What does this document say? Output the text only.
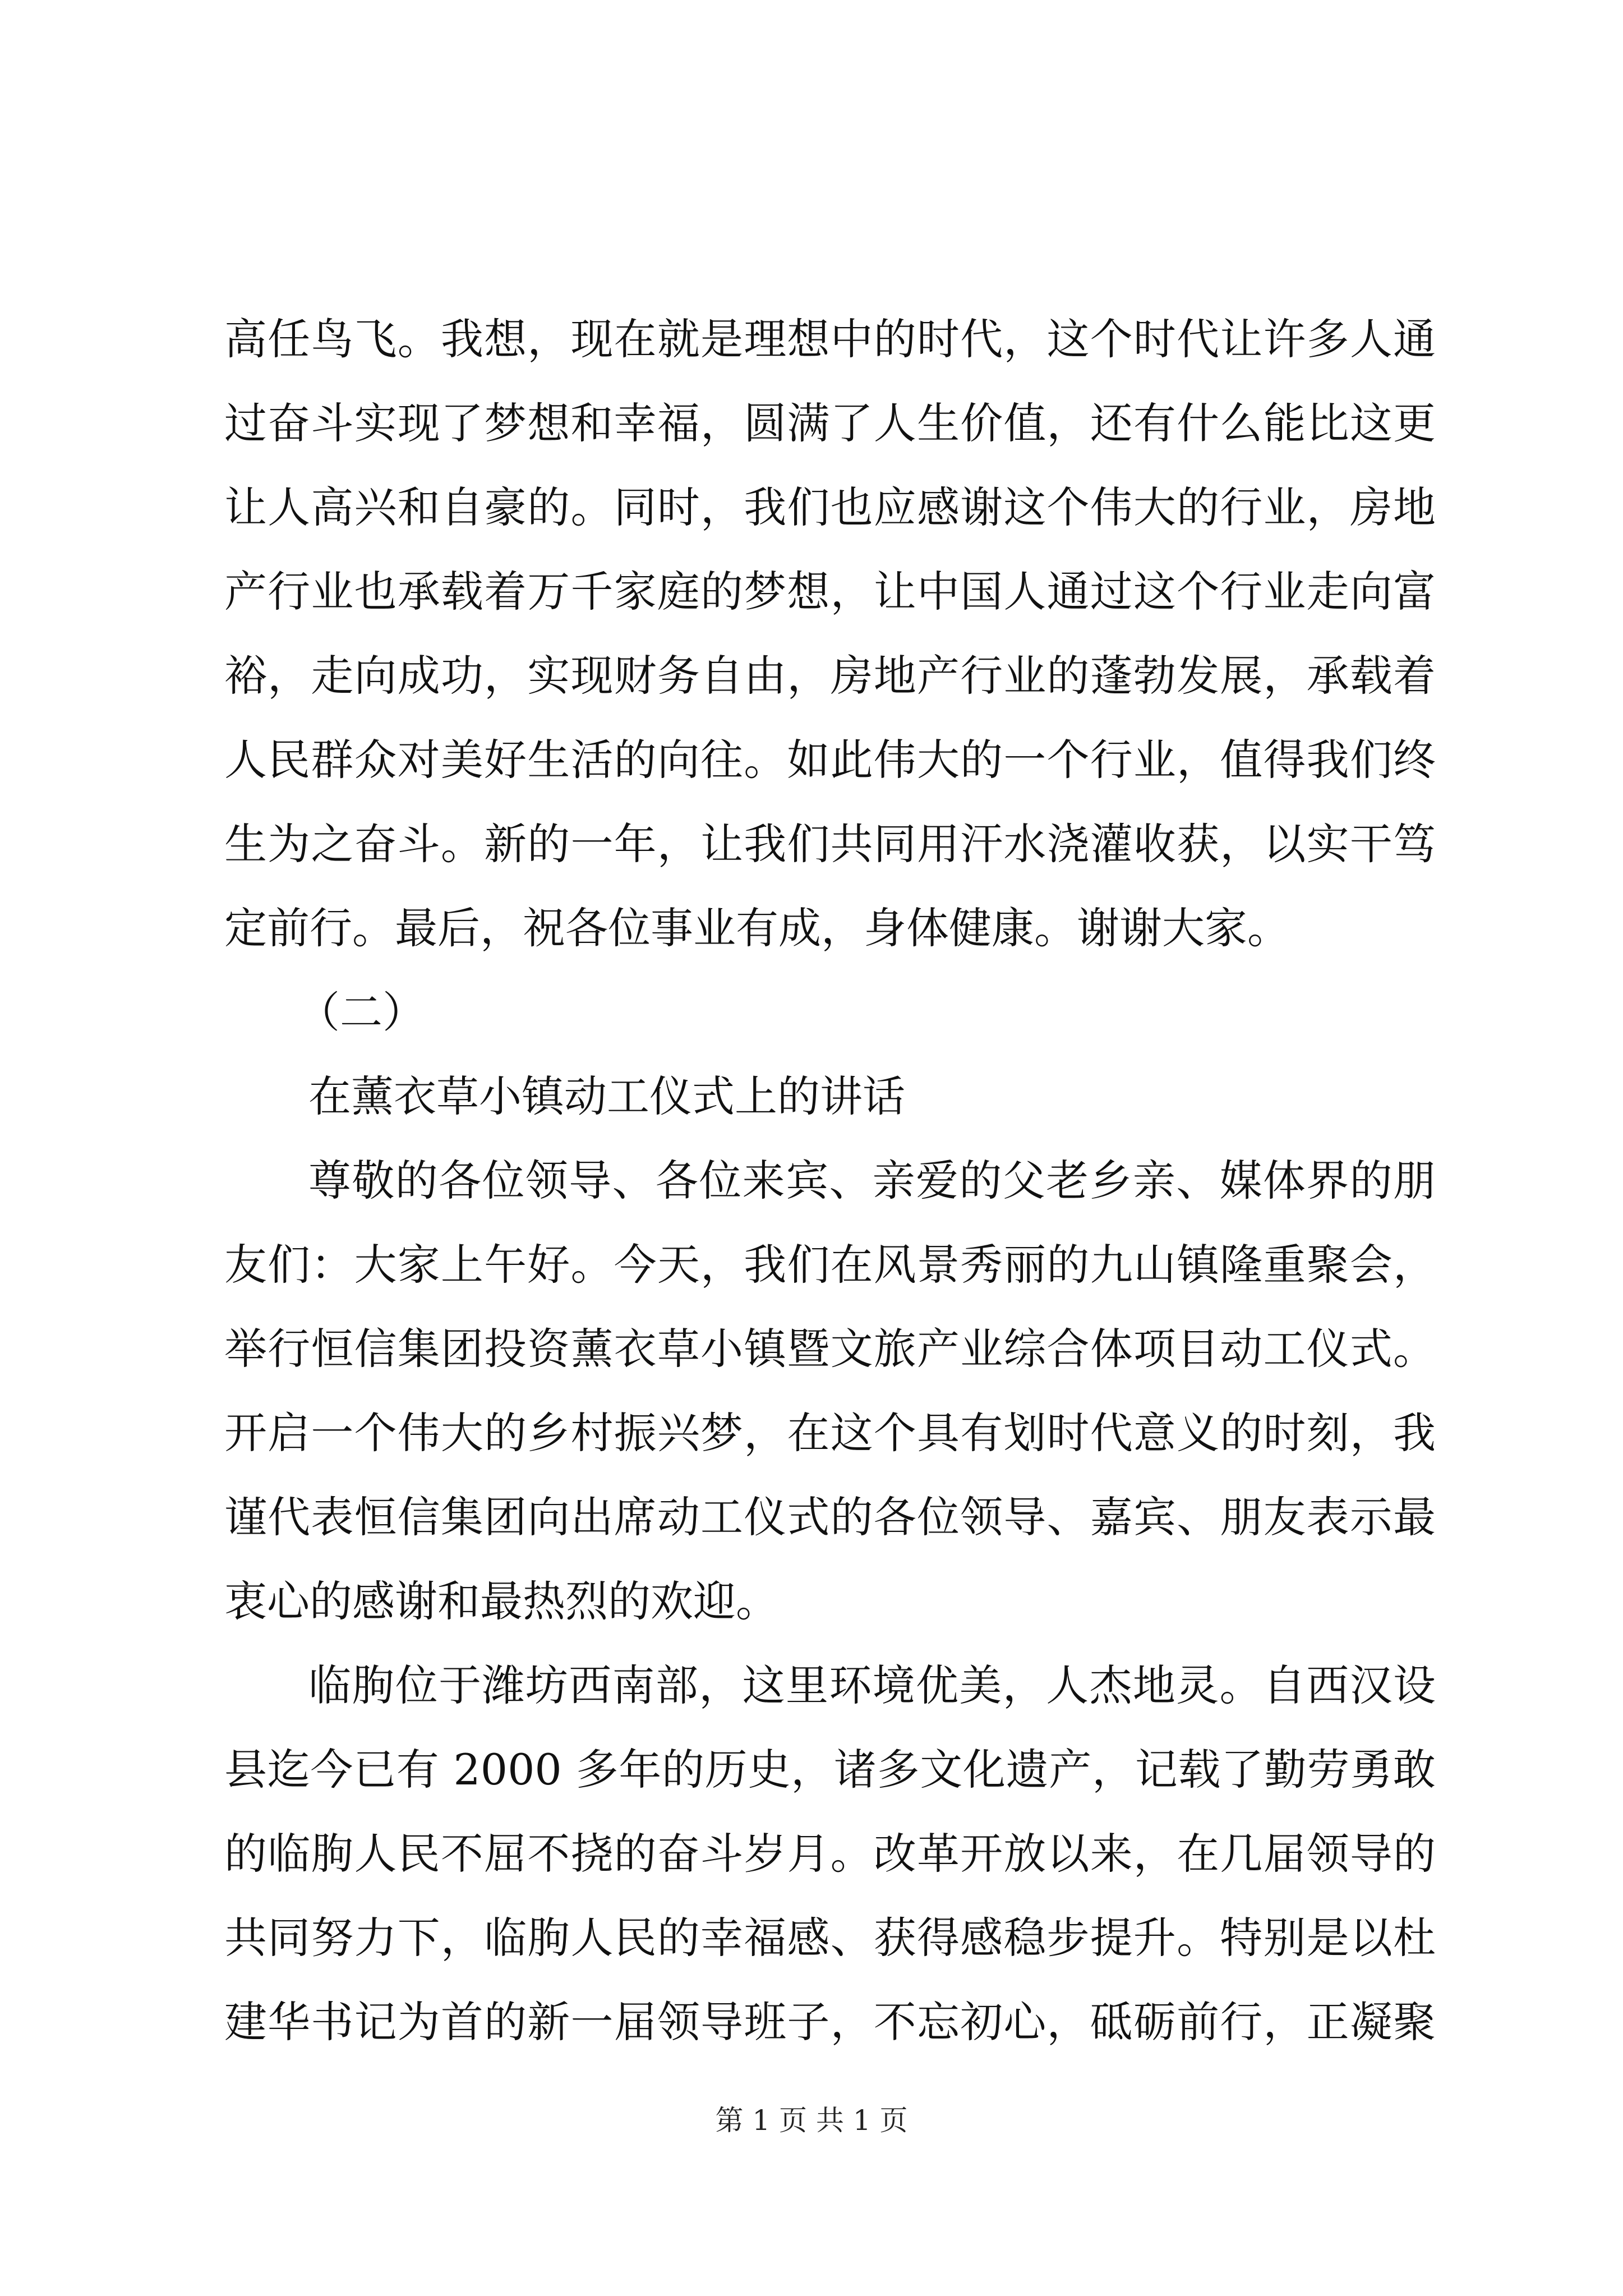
高任鸟飞。我想，现在就是理想中的时代，这个时代让许多人通
过奋斗实现了梦想和幸福，圆满了人生价值，还有什么能比这更
让人高兴和自豪的。同时，我们也应感谢这个伟大的行业，房地
产行业也承载着万千家庭的梦想，让中国人通过这个行业走向富
裕，走向成功，实现财务自由，房地产行业的蓬勃发展，承载着
人民群众对美好生活的向往。如此伟大的一个行业，值得我们终
生为之奋斗。新的一年，让我们共同用汗水浇灌收获，以实干笃
定前行。最后，祝各位事业有成，身体健康。谢谢大家。
（二）
在薰衣草小镇动工仪式上的讲话
尊敬的各位领导、各位来宾、亲爱的父老乡亲、媒体界的朋
友们：大家上午好。今天，我们在风景秀丽的九山镇隆重聚会，
举行恒信集团投资薰衣草小镇暨文旅产业综合体项目动工仪式。
开启一个伟大的乡村振兴梦，在这个具有划时代意义的时刻，我
谨代表恒信集团向出席动工仪式的各位领导、嘉宾、朋友表示最
衷心的感谢和最热烈的欢迎。
临朐位于潍坊西南部，这里环境优美，人杰地灵。自西汉设
县迄今已有 2000 多年的历史，诸多文化遗产，记载了勤劳勇敢
的临朐人民不屈不挠的奋斗岁月。改革开放以来，在几届领导的
共同努力下，临朐人民的幸福感、获得感稳步提升。特别是以杜
建华书记为首的新一届领导班子，不忘初心，砥砺前行，正凝聚
第 1 页 共 1 页
